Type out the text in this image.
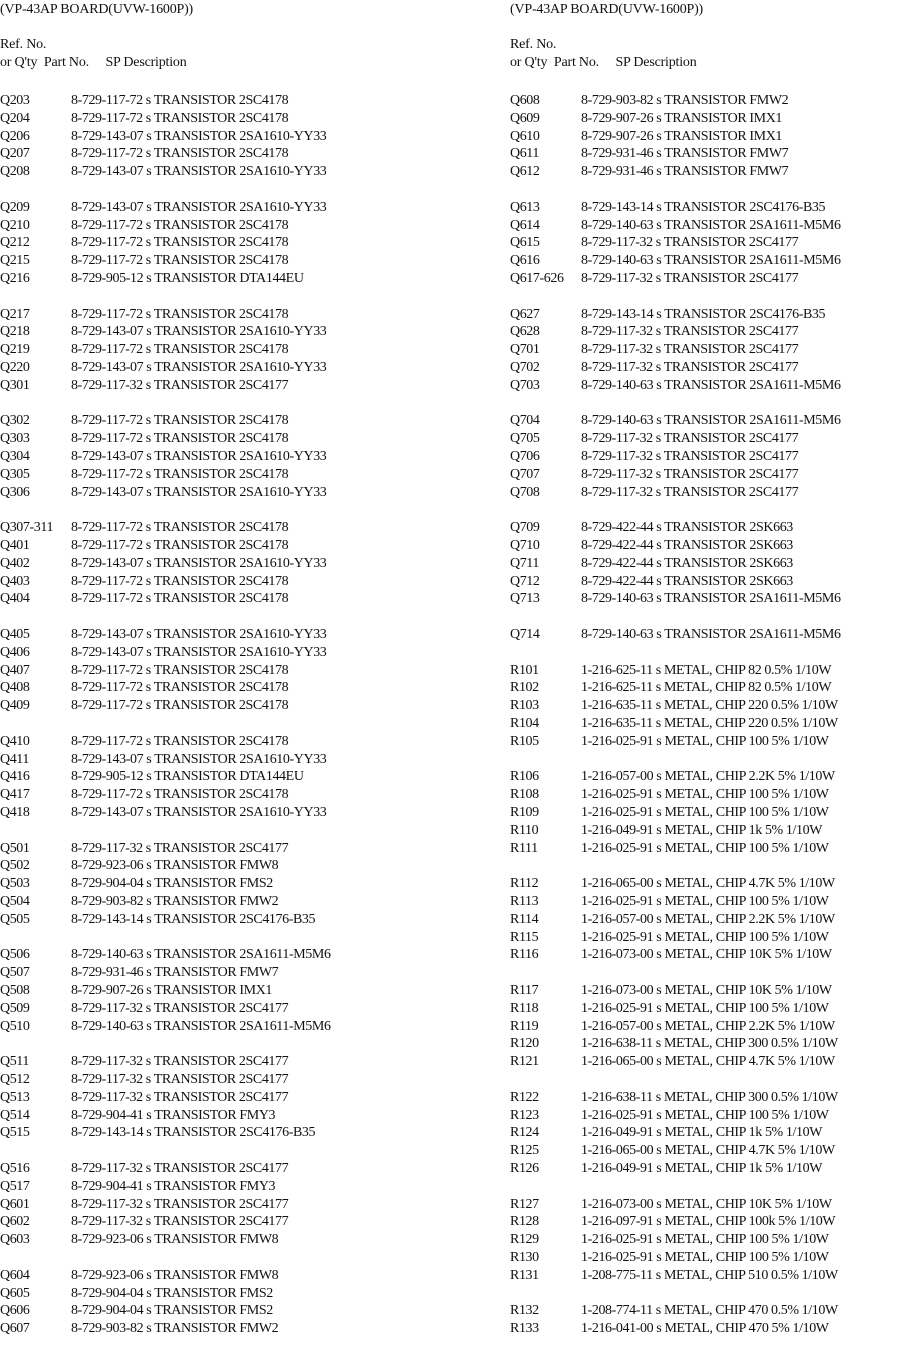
(VP-43AP BOARD(UVW-1600P))
Ref. No.
or Q'ty  Part No.     SP Description
Q203	8-729-117-72 s TRANSISTOR 2SC4178
Q204	8-729-117-72 s TRANSISTOR 2SC4178
Q206	8-729-143-07 s TRANSISTOR 2SA1610-YY33
Q207	8-729-117-72 s TRANSISTOR 2SC4178
Q208	8-729-143-07 s TRANSISTOR 2SA1610-YY33
Q209	8-729-143-07 s TRANSISTOR 2SA1610-YY33
Q210	8-729-117-72 s TRANSISTOR 2SC4178
Q212	8-729-117-72 s TRANSISTOR 2SC4178
Q215	8-729-117-72 s TRANSISTOR 2SC4178
Q216	8-729-905-12 s TRANSISTOR DTA144EU
Q217	8-729-117-72 s TRANSISTOR 2SC4178
Q218	8-729-143-07 s TRANSISTOR 2SA1610-YY33
Q219	8-729-117-72 s TRANSISTOR 2SC4178
Q220	8-729-143-07 s TRANSISTOR 2SA1610-YY33
Q301	8-729-117-32 s TRANSISTOR 2SC4177
Q302	8-729-117-72 s TRANSISTOR 2SC4178
Q303	8-729-117-72 s TRANSISTOR 2SC4178
Q304	8-729-143-07 s TRANSISTOR 2SA1610-YY33
Q305	8-729-117-72 s TRANSISTOR 2SC4178
Q306	8-729-143-07 s TRANSISTOR 2SA1610-YY33
Q307-311 8-729-117-72 s TRANSISTOR 2SC4178
Q401	8-729-117-72 s TRANSISTOR 2SC4178
Q402	8-729-143-07 s TRANSISTOR 2SA1610-YY33
Q403	8-729-117-72 s TRANSISTOR 2SC4178
Q404	8-729-117-72 s TRANSISTOR 2SC4178
Q405	8-729-143-07 s TRANSISTOR 2SA1610-YY33
Q406	8-729-143-07 s TRANSISTOR 2SA1610-YY33
Q407	8-729-117-72 s TRANSISTOR 2SC4178
Q408	8-729-117-72 s TRANSISTOR 2SC4178
Q409	8-729-117-72 s TRANSISTOR 2SC4178
Q410	8-729-117-72 s TRANSISTOR 2SC4178
Q411	8-729-143-07 s TRANSISTOR 2SA1610-YY33
Q416	8-729-905-12 s TRANSISTOR DTA144EU
Q417	8-729-117-72 s TRANSISTOR 2SC4178
Q418	8-729-143-07 s TRANSISTOR 2SA1610-YY33
Q501	8-729-117-32 s TRANSISTOR 2SC4177
Q502	8-729-923-06 s TRANSISTOR FMW8
Q503	8-729-904-04 s TRANSISTOR FMS2
Q504	8-729-903-82 s TRANSISTOR FMW2
Q505	8-729-143-14 s TRANSISTOR 2SC4176-B35
Q506	8-729-140-63 s TRANSISTOR 2SA1611-M5M6
Q507	8-729-931-46 s TRANSISTOR FMW7
Q508	8-729-907-26 s TRANSISTOR IMX1
Q509	8-729-117-32 s TRANSISTOR 2SC4177
Q510	8-729-140-63 s TRANSISTOR 2SA1611-M5M6
Q511	8-729-117-32 s TRANSISTOR 2SC4177
Q512	8-729-117-32 s TRANSISTOR 2SC4177
Q513	8-729-117-32 s TRANSISTOR 2SC4177
Q514	8-729-904-41 s TRANSISTOR FMY3
Q515	8-729-143-14 s TRANSISTOR 2SC4176-B35
Q516	8-729-117-32 s TRANSISTOR 2SC4177
Q517	8-729-904-41 s TRANSISTOR FMY3
Q601	8-729-117-32 s TRANSISTOR 2SC4177
Q602	8-729-117-32 s TRANSISTOR 2SC4177
Q603	8-729-923-06 s TRANSISTOR FMW8
Q604	8-729-923-06 s TRANSISTOR FMW8
Q605	8-729-904-04 s TRANSISTOR FMS2
Q606	8-729-904-04 s TRANSISTOR FMS2
Q607	8-729-903-82 s TRANSISTOR FMW2
(VP-43AP BOARD(UVW-1600P))
Ref. No.
or Q'ty  Part No.     SP Description
Q608	8-729-903-82 s TRANSISTOR FMW2
Q609	8-729-907-26 s TRANSISTOR IMX1
Q610	8-729-907-26 s TRANSISTOR IMX1
Q611	8-729-931-46 s TRANSISTOR FMW7
Q612	8-729-931-46 s TRANSISTOR FMW7
Q613	8-729-143-14 s TRANSISTOR 2SC4176-B35
Q614	8-729-140-63 s TRANSISTOR 2SA1611-M5M6
Q615	8-729-117-32 s TRANSISTOR 2SC4177
Q616	8-729-140-63 s TRANSISTOR 2SA1611-M5M6
Q617-626 8-729-117-32 s TRANSISTOR 2SC4177
Q627	8-729-143-14 s TRANSISTOR 2SC4176-B35
Q628	8-729-117-32 s TRANSISTOR 2SC4177
Q701	8-729-117-32 s TRANSISTOR 2SC4177
Q702	8-729-117-32 s TRANSISTOR 2SC4177
Q703	8-729-140-63 s TRANSISTOR 2SA1611-M5M6
Q704	8-729-140-63 s TRANSISTOR 2SA1611-M5M6
Q705	8-729-117-32 s TRANSISTOR 2SC4177
Q706	8-729-117-32 s TRANSISTOR 2SC4177
Q707	8-729-117-32 s TRANSISTOR 2SC4177
Q708	8-729-117-32 s TRANSISTOR 2SC4177
Q709	8-729-422-44 s TRANSISTOR 2SK663
Q710	8-729-422-44 s TRANSISTOR 2SK663
Q711	8-729-422-44 s TRANSISTOR 2SK663
Q712	8-729-422-44 s TRANSISTOR 2SK663
Q713	8-729-140-63 s TRANSISTOR 2SA1611-M5M6
Q714	8-729-140-63 s TRANSISTOR 2SA1611-M5M6
R101	1-216-625-11 s METAL, CHIP 82 0.5% 1/10W
R102	1-216-625-11 s METAL, CHIP 82 0.5% 1/10W
R103	1-216-635-11 s METAL, CHIP 220 0.5% 1/10W
R104	1-216-635-11 s METAL, CHIP 220 0.5% 1/10W
R105	1-216-025-91 s METAL, CHIP 100 5% 1/10W
R106	1-216-057-00 s METAL, CHIP 2.2K 5% 1/10W
R108	1-216-025-91 s METAL, CHIP 100 5% 1/10W
R109	1-216-025-91 s METAL, CHIP 100 5% 1/10W
R110	1-216-049-91 s METAL, CHIP 1k 5% 1/10W
R111	1-216-025-91 s METAL, CHIP 100 5% 1/10W
R112	1-216-065-00 s METAL, CHIP 4.7K 5% 1/10W
R113	1-216-025-91 s METAL, CHIP 100 5% 1/10W
R114	1-216-057-00 s METAL, CHIP 2.2K 5% 1/10W
R115	1-216-025-91 s METAL, CHIP 100 5% 1/10W
R116	1-216-073-00 s METAL, CHIP 10K 5% 1/10W
R117	1-216-073-00 s METAL, CHIP 10K 5% 1/10W
R118	1-216-025-91 s METAL, CHIP 100 5% 1/10W
R119	1-216-057-00 s METAL, CHIP 2.2K 5% 1/10W
R120	1-216-638-11 s METAL, CHIP 300 0.5% 1/10W
R121	1-216-065-00 s METAL, CHIP 4.7K 5% 1/10W
R122	1-216-638-11 s METAL, CHIP 300 0.5% 1/10W
R123	1-216-025-91 s METAL, CHIP 100 5% 1/10W
R124	1-216-049-91 s METAL, CHIP 1k 5% 1/10W
R125	1-216-065-00 s METAL, CHIP 4.7K 5% 1/10W
R126	1-216-049-91 s METAL, CHIP 1k 5% 1/10W
R127	1-216-073-00 s METAL, CHIP 10K 5% 1/10W
R128	1-216-097-91 s METAL, CHIP 100k 5% 1/10W
R129	1-216-025-91 s METAL, CHIP 100 5% 1/10W
R130	1-216-025-91 s METAL, CHIP 100 5% 1/10W
R131	1-208-775-11 s METAL, CHIP 510 0.5% 1/10W
R132	1-208-774-11 s METAL, CHIP 470 0.5% 1/10W
R133	1-216-041-00 s METAL, CHIP 470 5% 1/10W
